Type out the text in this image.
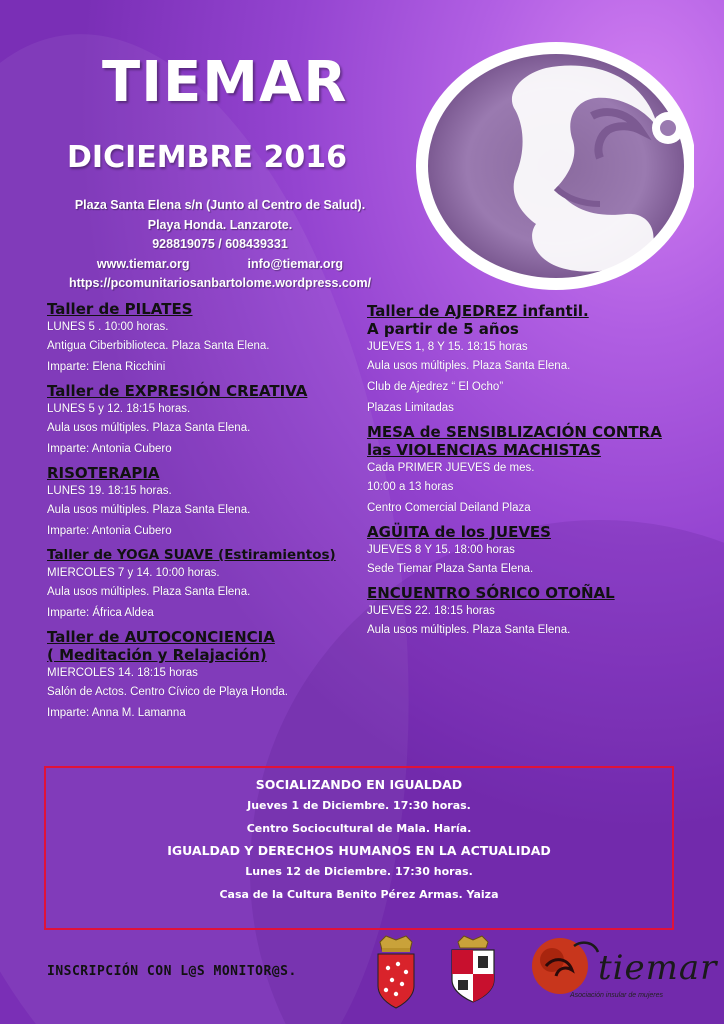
TIEMAR
DICIEMBRE 2016
Plaza Santa Elena s/n (Junto al Centro de Salud).
Playa Honda. Lanzarote.
928819075 / 608439331
www.tiemar.org	info@tiemar.org
https://pcomunitariosanbartolome.wordpress.com/
Taller de PILATES
LUNES 5 . 10:00 horas.
Antigua Ciberbiblioteca. Plaza Santa Elena.
Imparte: Elena Ricchini
Taller de EXPRESIÓN CREATIVA
LUNES 5 y 12. 18:15 horas.
Aula usos múltiples. Plaza Santa Elena.
Imparte: Antonia Cubero
RISOTERAPIA
LUNES 19. 18:15 horas.
Aula usos múltiples. Plaza Santa Elena.
Imparte: Antonia Cubero
Taller de YOGA SUAVE (Estiramientos)
MIERCOLES 7 y 14. 10:00 horas.
Aula usos múltiples. Plaza Santa Elena.
Imparte: África Aldea
Taller de AUTOCONCIENCIA
( Meditación y Relajación)
MIERCOLES 14. 18:15 horas
Salón de Actos. Centro Cívico de Playa Honda.
Imparte: Anna M. Lamanna
Taller de AJEDREZ infantil.
A partir de 5 años
JUEVES 1, 8 Y 15. 18:15 horas
Aula usos múltiples. Plaza Santa Elena.
Club de Ajedrez “ El Ocho”
Plazas Limitadas
MESA de SENSIBLIZACIÓN CONTRA
las VIOLENCIAS MACHISTAS
Cada PRIMER JUEVES de mes.
10:00 a 13 horas
Centro Comercial Deiland Plaza
AGÜITA de los JUEVES
JUEVES 8 Y 15. 18:00 horas
Sede Tiemar Plaza Santa Elena.
ENCUENTRO SÓRICO OTOÑAL
JUEVES 22. 18:15 horas
Aula usos múltiples. Plaza Santa Elena.
SOCIALIZANDO EN IGUALDAD
Jueves 1 de Diciembre. 17:30 horas.
Centro Sociocultural de Mala. Haría.
IGUALDAD Y DERECHOS HUMANOS EN LA ACTUALIDAD
Lunes 12 de Diciembre. 17:30 horas.
Casa de la Cultura Benito Pérez Armas. Yaiza
INSCRIPCIÓN CON L@S MONITOR@S.	tiemar
Asociación insular de mujeres
